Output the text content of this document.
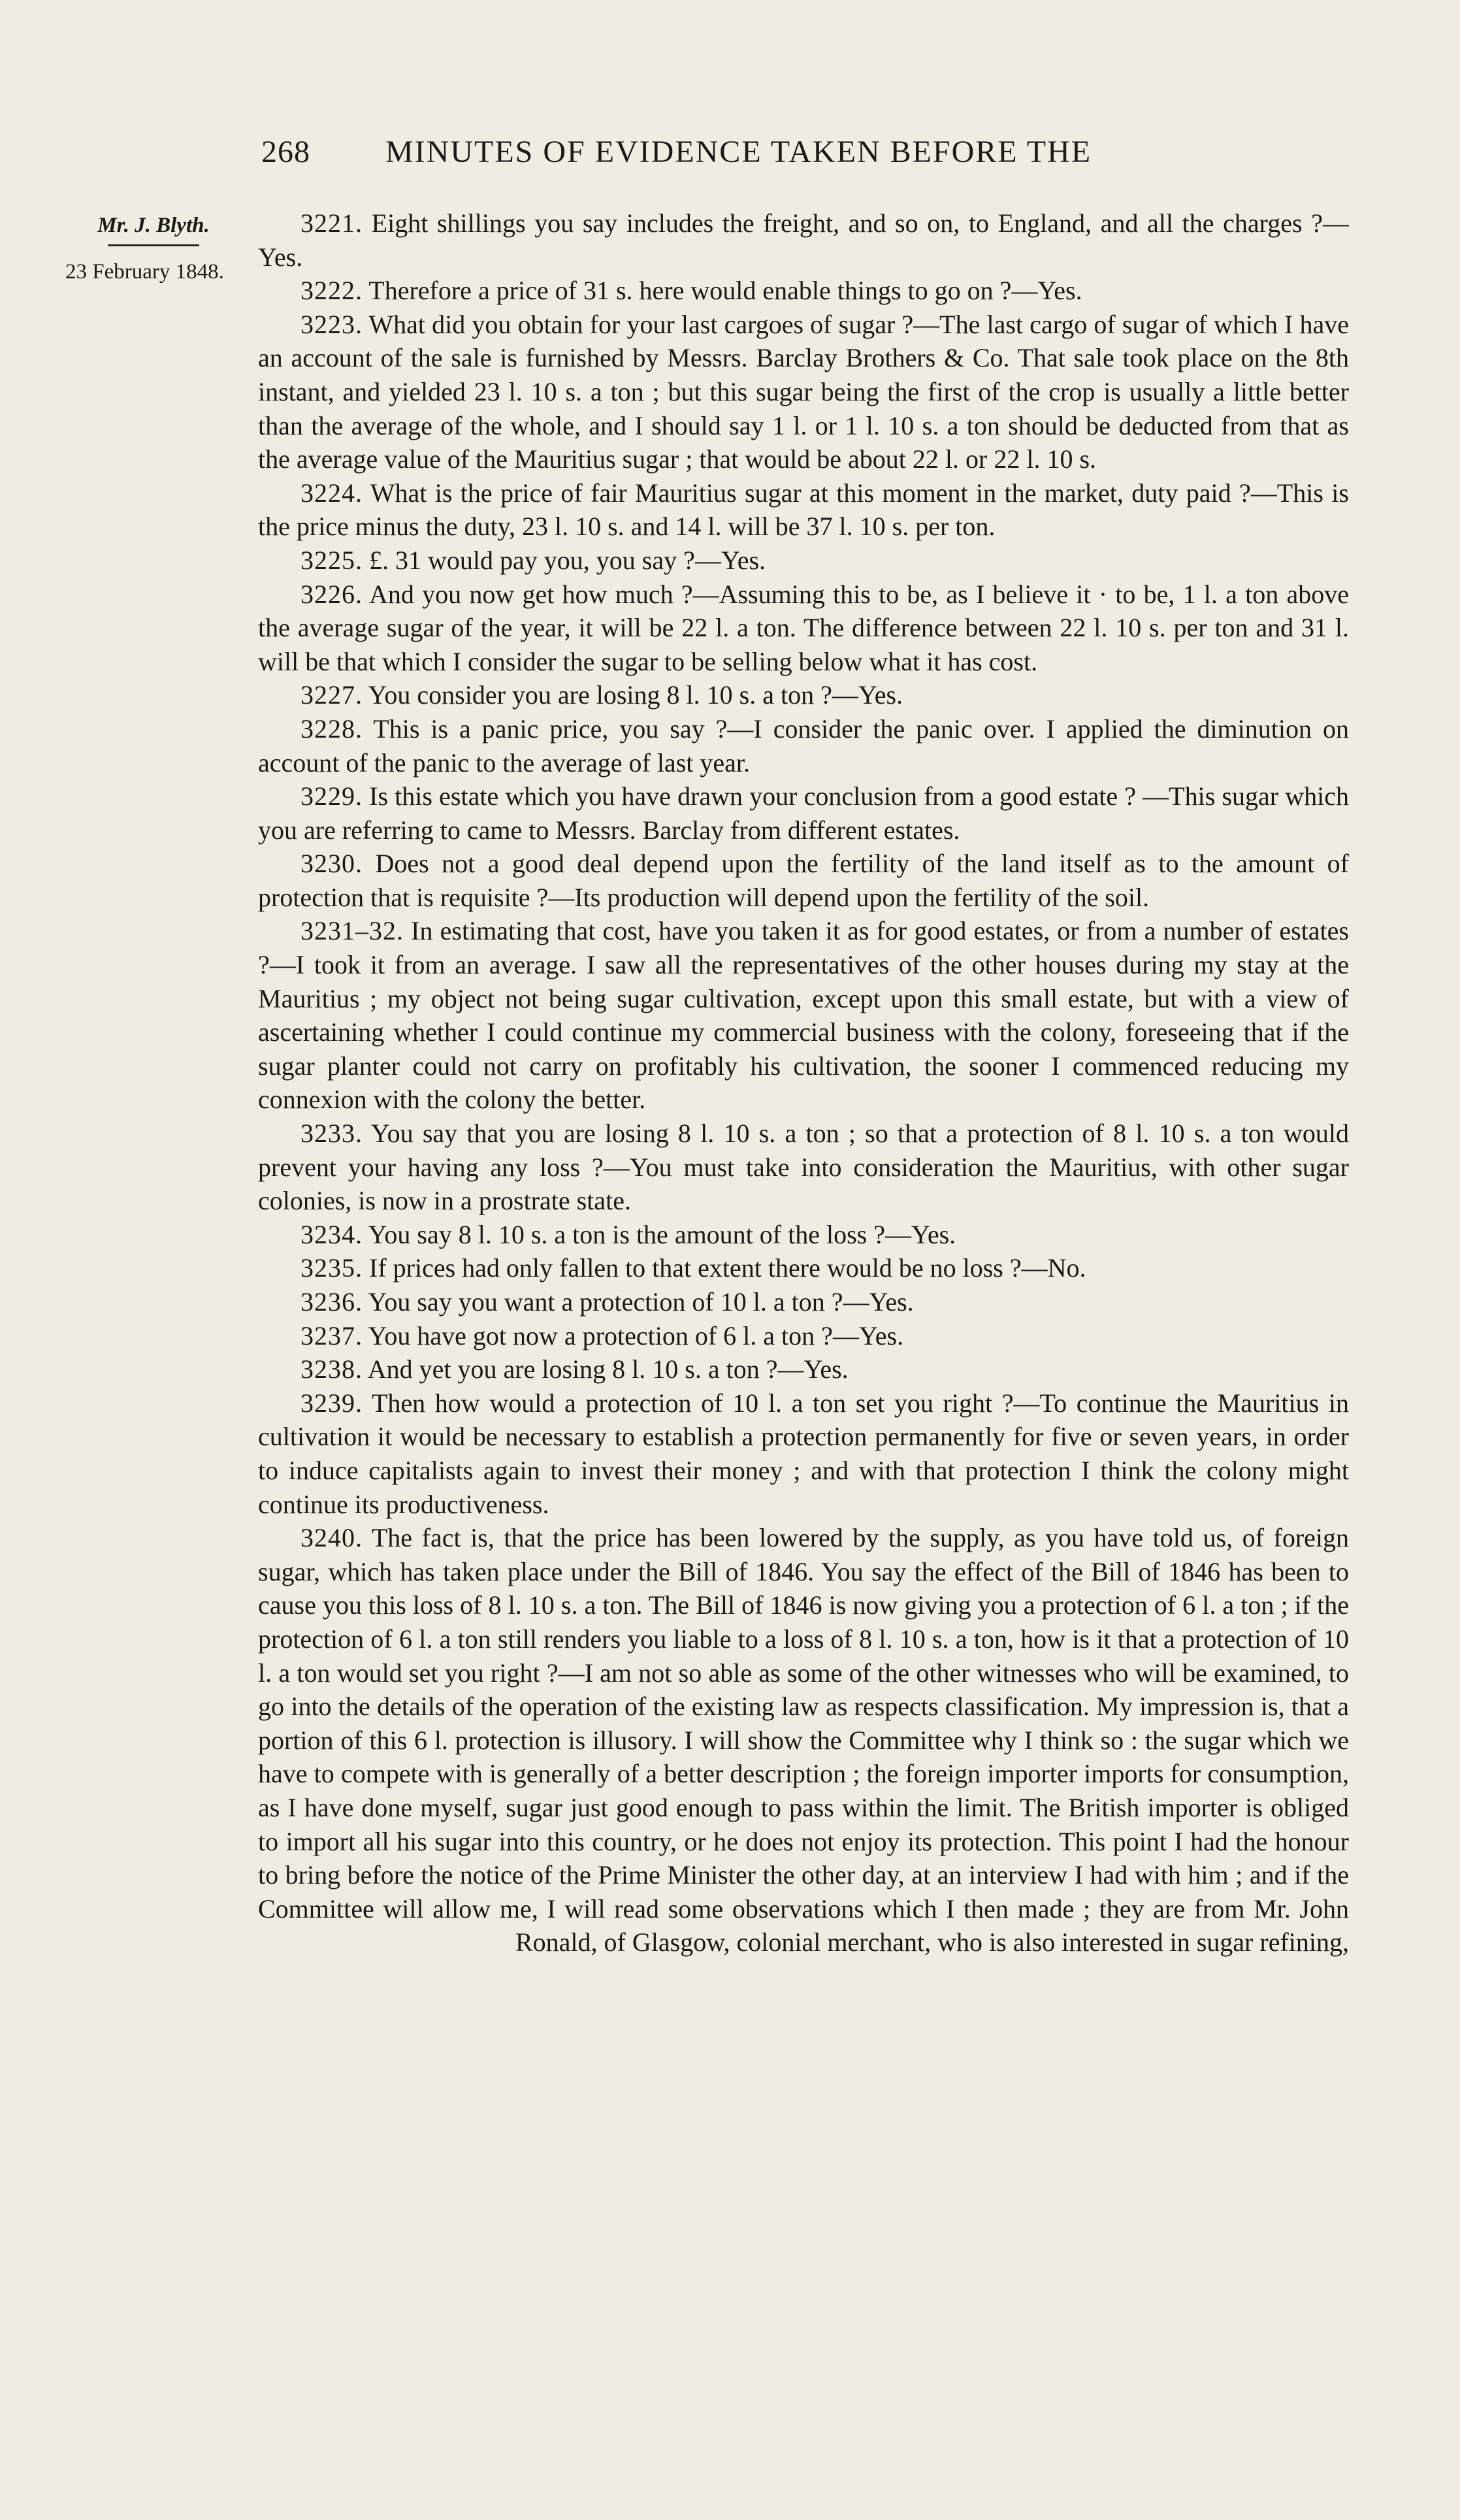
268	MINUTES OF EVIDENCE TAKEN BEFORE THE
Mr. J. Blyth.
23 February 1848.

3221. Eight shillings you say includes the freight, and so on, to England, and all the charges ?—Yes.

3222. Therefore a price of 31 s. here would enable things to go on ?—Yes.

3223. What did you obtain for your last cargoes of sugar ?—The last cargo of sugar of which I have an account of the sale is furnished by Messrs. Barclay Brothers & Co. That sale took place on the 8th instant, and yielded 23 l. 10 s. a ton ; but this sugar being the first of the crop is usually a little better than the average of the whole, and I should say 1 l. or 1 l. 10 s. a ton should be deducted from that as the average value of the Mauritius sugar ; that would be about 22 l. or 22 l. 10 s.

3224. What is the price of fair Mauritius sugar at this moment in the market, duty paid ?—This is the price minus the duty, 23 l. 10 s. and 14 l. will be 37 l. 10 s. per ton.

3225. £. 31 would pay you, you say ?—Yes.

3226. And you now get how much ?—Assuming this to be, as I believe it · to be, 1 l. a ton above the average sugar of the year, it will be 22 l. a ton. The difference between 22 l. 10 s. per ton and 31 l. will be that which I consider the sugar to be selling below what it has cost.

3227. You consider you are losing 8 l. 10 s. a ton ?—Yes.

3228. This is a panic price, you say ?—I consider the panic over. I applied the diminution on account of the panic to the average of last year.

3229. Is this estate which you have drawn your conclusion from a good estate ? —This sugar which you are referring to came to Messrs. Barclay from different estates.

3230. Does not a good deal depend upon the fertility of the land itself as to the amount of protection that is requisite ?—Its production will depend upon the fertility of the soil.

3231–32. In estimating that cost, have you taken it as for good estates, or from a number of estates ?—I took it from an average. I saw all the representatives of the other houses during my stay at the Mauritius ; my object not being sugar cultivation, except upon this small estate, but with a view of ascertaining whether I could continue my commercial business with the colony, foreseeing that if the sugar planter could not carry on profitably his cultivation, the sooner I commenced reducing my connexion with the colony the better.

3233. You say that you are losing 8 l. 10 s. a ton ; so that a protection of 8 l. 10 s. a ton would prevent your having any loss ?—You must take into consideration the Mauritius, with other sugar colonies, is now in a prostrate state.

3234. You say 8 l. 10 s. a ton is the amount of the loss ?—Yes.

3235. If prices had only fallen to that extent there would be no loss ?—No.

3236. You say you want a protection of 10 l. a ton ?—Yes.

3237. You have got now a protection of 6 l. a ton ?—Yes.

3238. And yet you are losing 8 l. 10 s. a ton ?—Yes.

3239. Then how would a protection of 10 l. a ton set you right ?—To continue the Mauritius in cultivation it would be necessary to establish a protection permanently for five or seven years, in order to induce capitalists again to invest their money ; and with that protection I think the colony might continue its productiveness.

3240. The fact is, that the price has been lowered by the supply, as you have told us, of foreign sugar, which has taken place under the Bill of 1846. You say the effect of the Bill of 1846 has been to cause you this loss of 8 l. 10 s. a ton. The Bill of 1846 is now giving you a protection of 6 l. a ton ; if the protection of 6 l. a ton still renders you liable to a loss of 8 l. 10 s. a ton, how is it that a protection of 10 l. a ton would set you right ?—I am not so able as some of the other witnesses who will be examined, to go into the details of the operation of the existing law as respects classification. My impression is, that a portion of this 6 l. protection is illusory. I will show the Committee why I think so : the sugar which we have to compete with is generally of a better description ; the foreign importer imports for consumption, as I have done myself, sugar just good enough to pass within the limit. The British importer is obliged to import all his sugar into this country, or he does not enjoy its protection. This point I had the honour to bring before the notice of the Prime Minister the other day, at an interview I had with him ; and if the Committee will allow me, I will read some observations which I then made ; they are from Mr. John Ronald, of Glasgow, colonial merchant, who is also interested in sugar refining,
